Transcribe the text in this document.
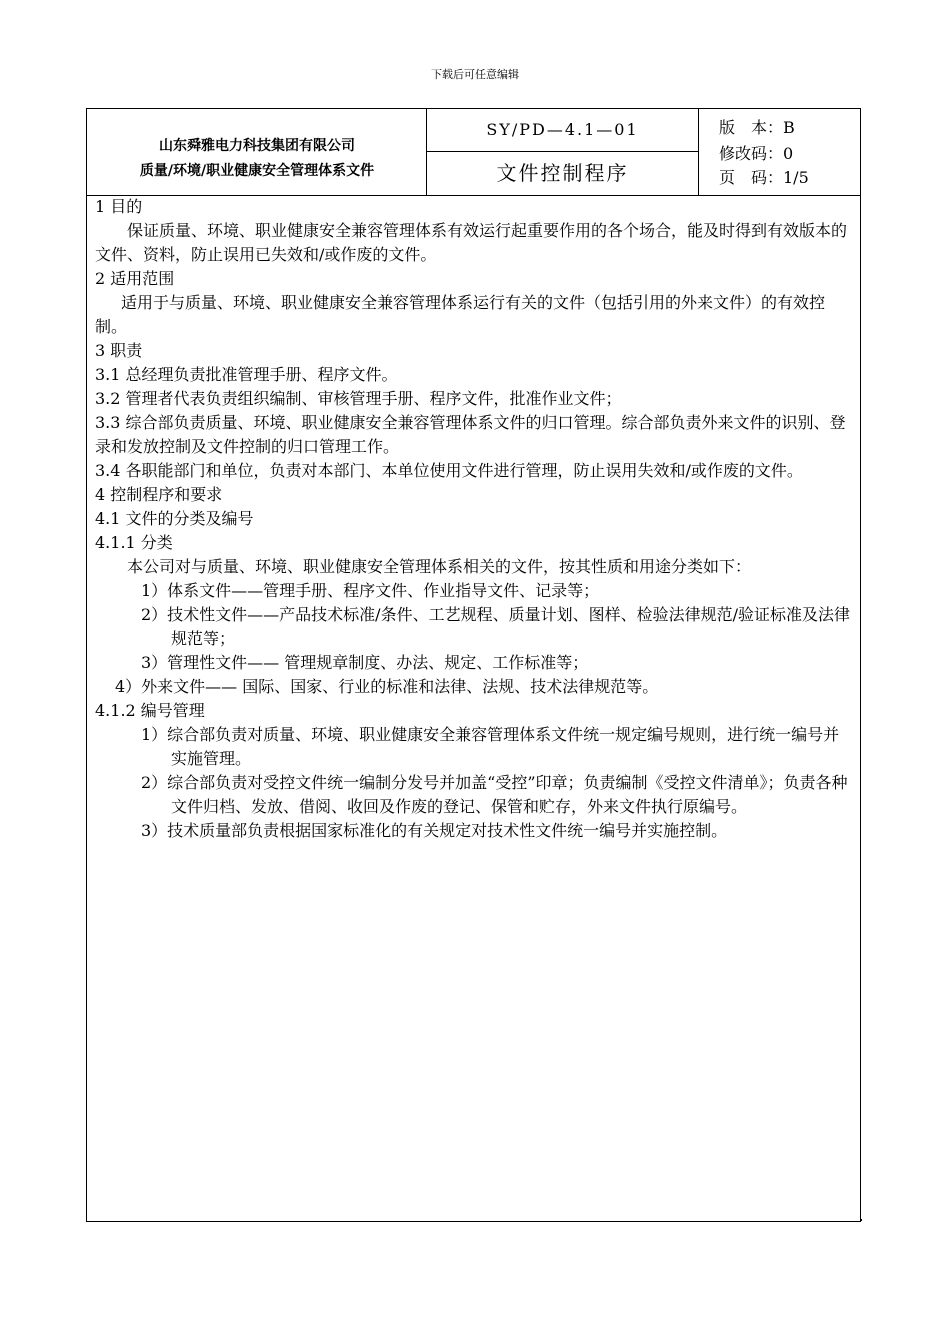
下载后可任意编辑
山东舜雅电力科技集团有限公司
质量/环境/职业健康安全管理体系文件
SY/PD—4.1—01
文件控制程序
版　本：B
修改码：0
页　码：1/5

1 目的

保证质量、环境、职业健康安全兼容管理体系有效运行起重要作用的各个场合，能及时得到有效版本的文件、资料，防止误用已失效和/或作废的文件。

2 适用范围

适用于与质量、环境、职业健康安全兼容管理体系运行有关的文件（包括引用的外来文件）的有效控制。

3 职责

3.1 总经理负责批准管理手册、程序文件。

3.2 管理者代表负责组织编制、审核管理手册、程序文件，批准作业文件；

3.3 综合部负责质量、环境、职业健康安全兼容管理体系文件的归口管理。综合部负责外来文件的识别、登录和发放控制及文件控制的归口管理工作。

3.4 各职能部门和单位，负责对本部门、本单位使用文件进行管理，防止误用失效和/或作废的文件。

4 控制程序和要求

4.1 文件的分类及编号

4.1.1 分类

本公司对与质量、环境、职业健康安全管理体系相关的文件，按其性质和用途分类如下：

1）体系文件——管理手册、程序文件、作业指导文件、记录等；

2）技术性文件——产品技术标准/条件、工艺规程、质量计划、图样、检验法律规范/验证标准及法律规范等；

3）管理性文件—— 管理规章制度、办法、规定、工作标准等；

4）外来文件—— 国际、国家、行业的标准和法律、法规、技术法律规范等。

4.1.2 编号管理

1）综合部负责对质量、环境、职业健康安全兼容管理体系文件统一规定编号规则，进行统一编号并实施管理。

2）综合部负责对受控文件统一编制分发号并加盖“受控”印章；负责编制《受控文件清单》；负责各种文件归档、发放、借阅、收回及作废的登记、保管和贮存，外来文件执行原编号。

3）技术质量部负责根据国家标准化的有关规定对技术性文件统一编号并实施控制。
